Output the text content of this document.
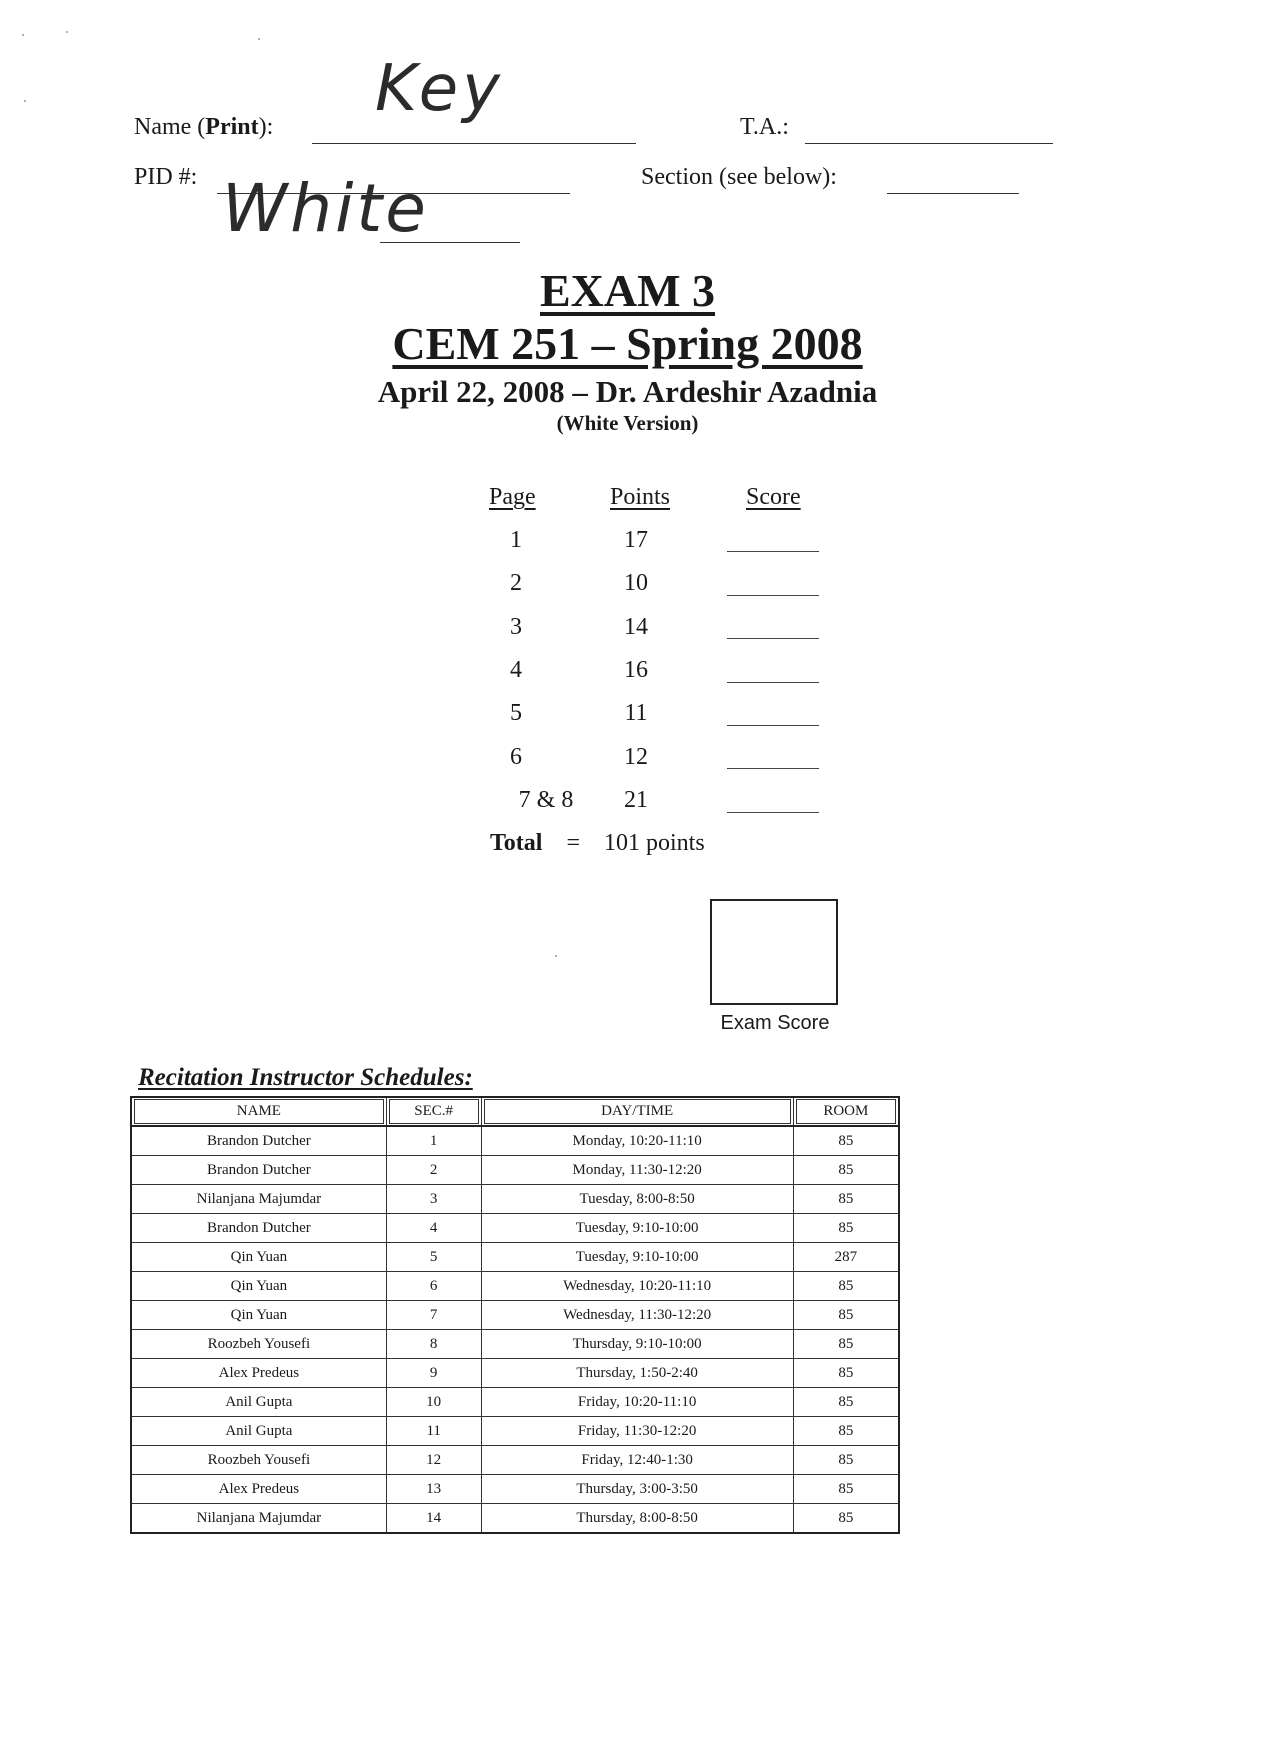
Name (Print):
Key
T.A.:
PID #:	Section (see below):
White
EXAM 3
CEM 251 – Spring 2008
April 22, 2008 – Dr. Ardeshir Azadnia
(White Version)
Page	Points	Score
1	17
2	10
3	14
4	16
5	11
6	12
7 & 8	21
Total = 101 points
Exam Score
Recitation Instructor Schedules:
NAME	SEC.#	DAY/TIME	ROOM

Brandon Dutcher	1	Monday, 10:20-11:10	85
Brandon Dutcher	2	Monday, 11:30-12:20	85
Nilanjana Majumdar	3	Tuesday, 8:00-8:50	85
Brandon Dutcher	4	Tuesday, 9:10-10:00	85
Qin Yuan	5	Tuesday, 9:10-10:00	287
Qin Yuan	6	Wednesday, 10:20-11:10	85
Qin Yuan	7	Wednesday, 11:30-12:20	85
Roozbeh Yousefi	8	Thursday, 9:10-10:00	85
Alex Predeus	9	Thursday, 1:50-2:40	85
Anil Gupta	10	Friday, 10:20-11:10	85
Anil Gupta	11	Friday, 11:30-12:20	85
Roozbeh Yousefi	12	Friday, 12:40-1:30	85
Alex Predeus	13	Thursday, 3:00-3:50	85
Nilanjana Majumdar	14	Thursday, 8:00-8:50	85
